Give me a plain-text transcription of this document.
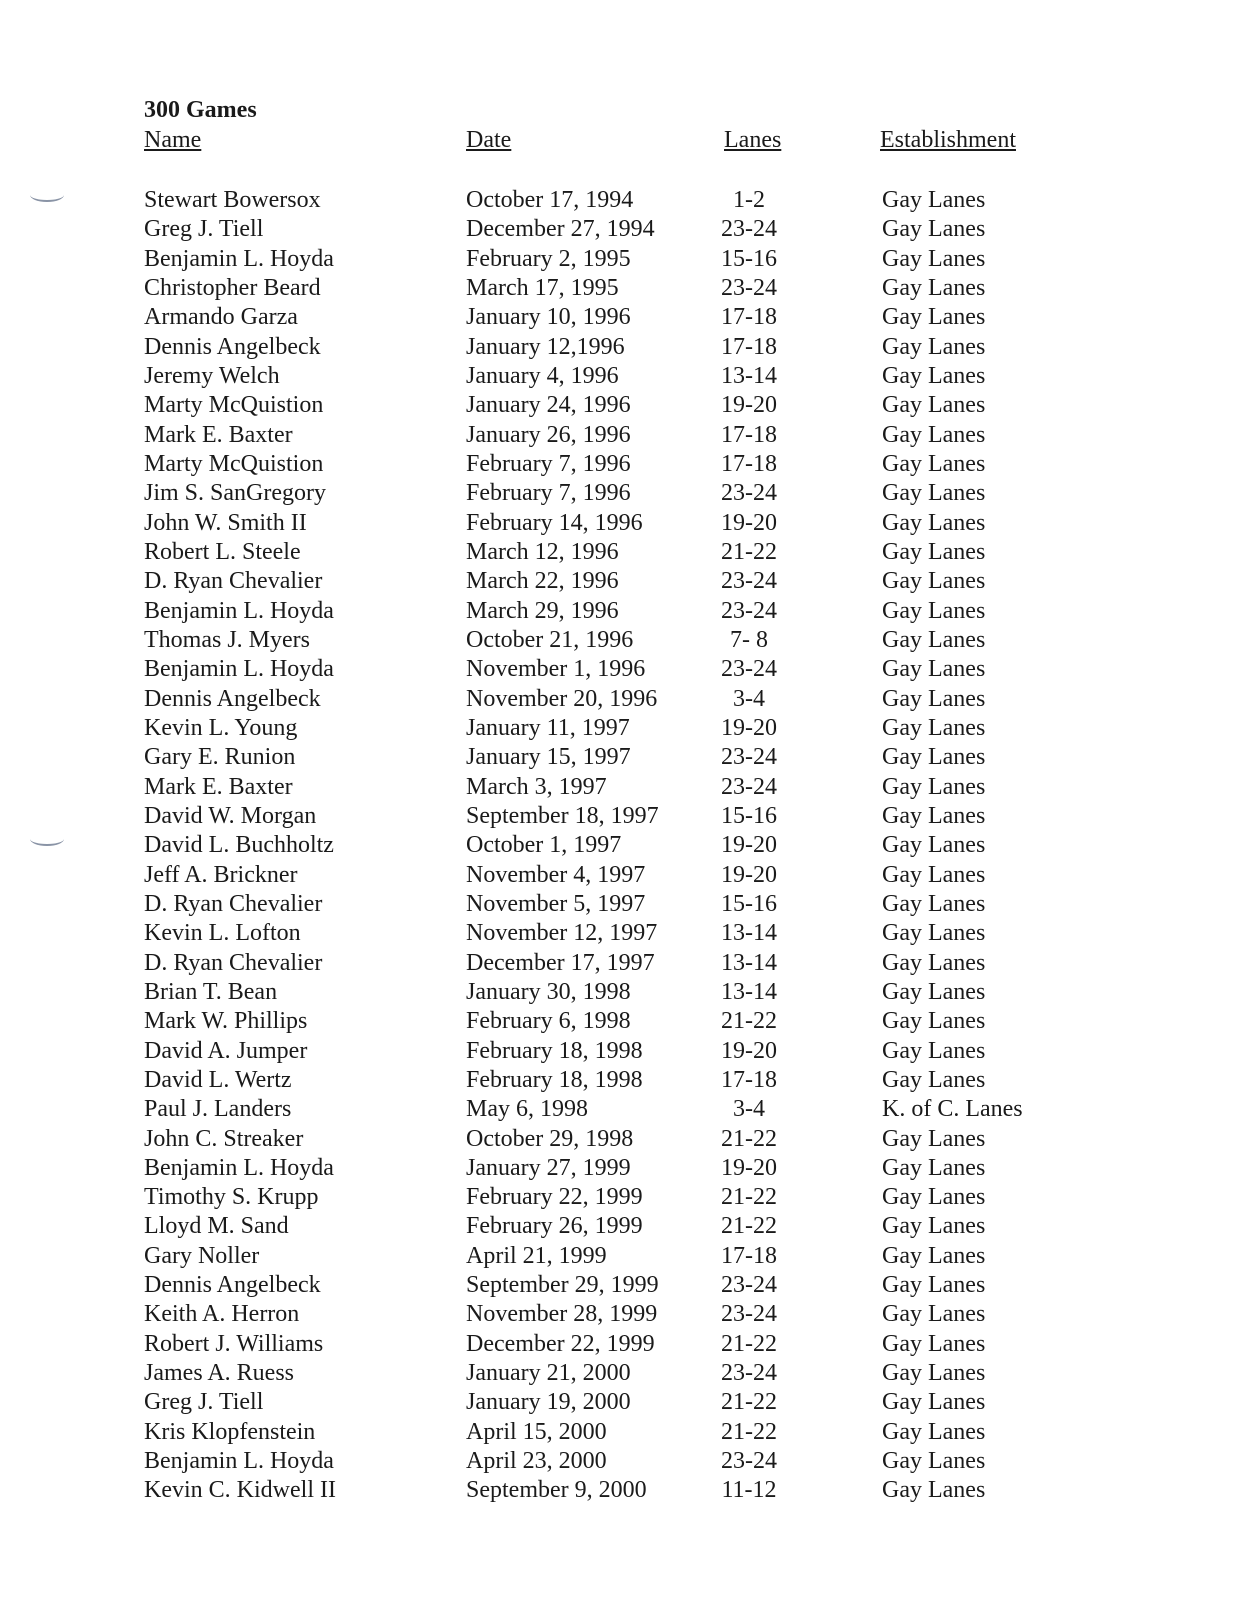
300 Games
Name	Date	Lanes	Establishment
Stewart Bowersox	October 17, 1994	1-2	Gay Lanes
Greg J. Tiell	December 27, 1994	23-24	Gay Lanes
Benjamin L. Hoyda	February 2, 1995	15-16	Gay Lanes
Christopher Beard	March 17, 1995	23-24	Gay Lanes
Armando Garza	January 10, 1996	17-18	Gay Lanes
Dennis Angelbeck	January 12,1996	17-18	Gay Lanes
Jeremy Welch	January 4, 1996	13-14	Gay Lanes
Marty McQuistion	January 24, 1996	19-20	Gay Lanes
Mark E. Baxter	January 26, 1996	17-18	Gay Lanes
Marty McQuistion	February 7, 1996	17-18	Gay Lanes
Jim S. SanGregory	February 7, 1996	23-24	Gay Lanes
John W. Smith II	February 14, 1996	19-20	Gay Lanes
Robert L. Steele	March 12, 1996	21-22	Gay Lanes
D. Ryan Chevalier	March 22, 1996	23-24	Gay Lanes
Benjamin L. Hoyda	March 29, 1996	23-24	Gay Lanes
Thomas J. Myers	October 21, 1996	7- 8	Gay Lanes
Benjamin L. Hoyda	November 1, 1996	23-24	Gay Lanes
Dennis Angelbeck	November 20, 1996	3-4	Gay Lanes
Kevin L. Young	January 11, 1997	19-20	Gay Lanes
Gary E. Runion	January 15, 1997	23-24	Gay Lanes
Mark E. Baxter	March 3, 1997	23-24	Gay Lanes
David W. Morgan	September 18, 1997	15-16	Gay Lanes
David L. Buchholtz	October 1, 1997	19-20	Gay Lanes
Jeff A. Brickner	November 4, 1997	19-20	Gay Lanes
D. Ryan Chevalier	November 5, 1997	15-16	Gay Lanes
Kevin L. Lofton	November 12, 1997	13-14	Gay Lanes
D. Ryan Chevalier	December 17, 1997	13-14	Gay Lanes
Brian T. Bean	January 30, 1998	13-14	Gay Lanes
Mark W. Phillips	February 6, 1998	21-22	Gay Lanes
David A. Jumper	February 18, 1998	19-20	Gay Lanes
David L. Wertz	February 18, 1998	17-18	Gay Lanes
Paul J. Landers	May 6, 1998	3-4	K. of C. Lanes
John C. Streaker	October 29, 1998	21-22	Gay Lanes
Benjamin L. Hoyda	January 27, 1999	19-20	Gay Lanes
Timothy S. Krupp	February 22, 1999	21-22	Gay Lanes
Lloyd M. Sand	February 26, 1999	21-22	Gay Lanes
Gary Noller	April 21, 1999	17-18	Gay Lanes
Dennis Angelbeck	September 29, 1999	23-24	Gay Lanes
Keith A. Herron	November 28, 1999	23-24	Gay Lanes
Robert J. Williams	December 22, 1999	21-22	Gay Lanes
James A. Ruess	January 21, 2000	23-24	Gay Lanes
Greg J. Tiell	January 19, 2000	21-22	Gay Lanes
Kris Klopfenstein	April 15, 2000	21-22	Gay Lanes
Benjamin L. Hoyda	April 23, 2000	23-24	Gay Lanes
Kevin C. Kidwell II	September 9, 2000	11-12	Gay Lanes
